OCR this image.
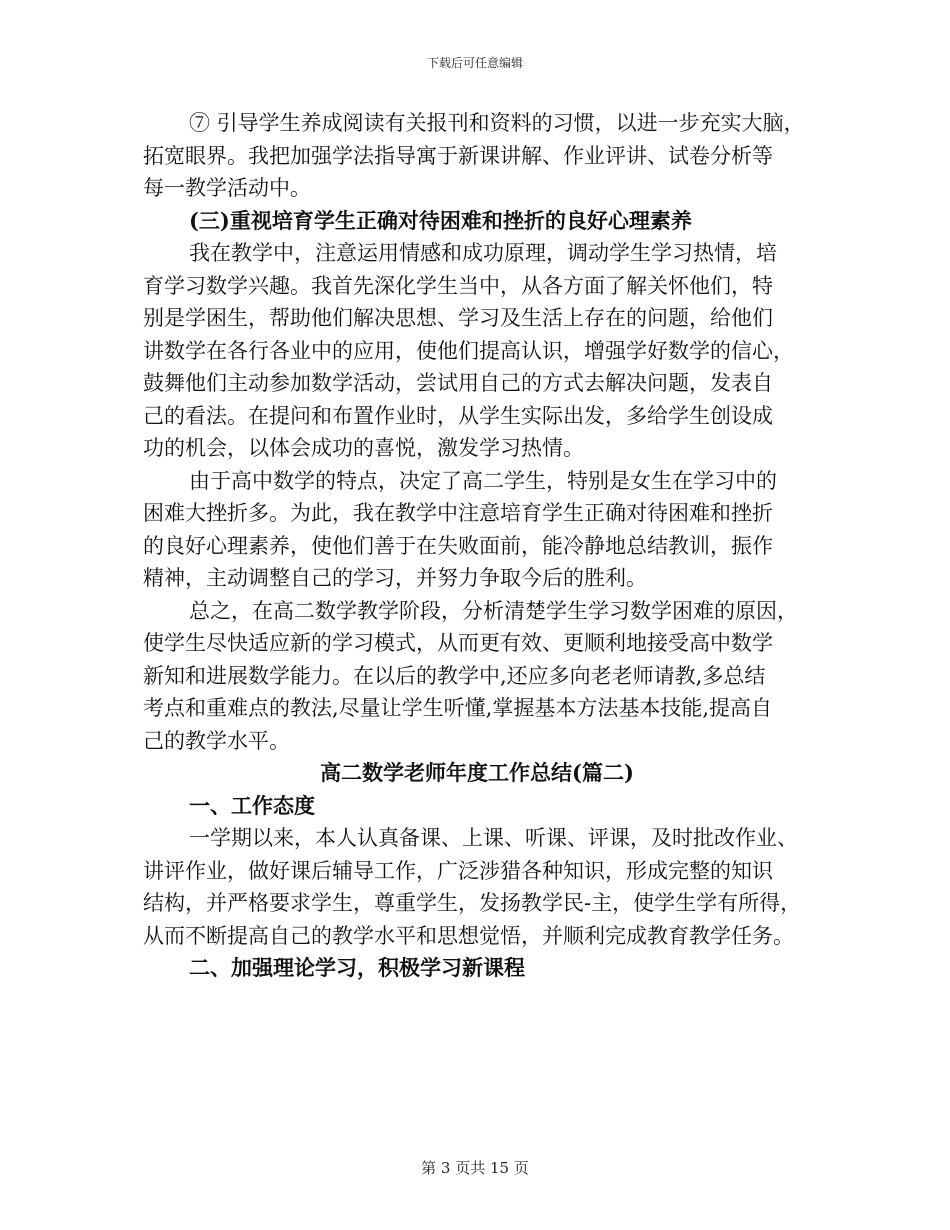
下载后可任意编辑
⑦ 引导学生养成阅读有关报刊和资料的习惯，以进一步充实大脑，
拓宽眼界。我把加强学法指导寓于新课讲解、作业评讲、试卷分析等
每一教学活动中。
(三)重视培育学生正确对待困难和挫折的良好心理素养
我在教学中，注意运用情感和成功原理，调动学生学习热情，培
育学习数学兴趣。我首先深化学生当中，从各方面了解关怀他们，特
别是学困生，帮助他们解决思想、学习及生活上存在的问题，给他们
讲数学在各行各业中的应用，使他们提高认识，增强学好数学的信心，
鼓舞他们主动参加数学活动，尝试用自己的方式去解决问题，发表自
己的看法。在提问和布置作业时，从学生实际出发，多给学生创设成
功的机会，以体会成功的喜悦，激发学习热情。
由于高中数学的特点，决定了高二学生，特别是女生在学习中的
困难大挫折多。为此，我在教学中注意培育学生正确对待困难和挫折
的良好心理素养，使他们善于在失败面前，能冷静地总结教训，振作
精神，主动调整自己的学习，并努力争取今后的胜利。
总之，在高二数学教学阶段，分析清楚学生学习数学困难的原因，
使学生尽快适应新的学习模式，从而更有效、更顺利地接受高中数学
新知和进展数学能力。在以后的教学中,还应多向老老师请教,多总结
考点和重难点的教法,尽量让学生听懂,掌握基本方法基本技能,提高自
己的教学水平。
高二数学老师年度工作总结(篇二)
一、工作态度
一学期以来，本人认真备课、上课、听课、评课，及时批改作业、
讲评作业，做好课后辅导工作，广泛涉猎各种知识，形成完整的知识
结构，并严格要求学生，尊重学生，发扬教学民-主，使学生学有所得，
从而不断提高自己的教学水平和思想觉悟，并顺利完成教育教学任务。
二、加强理论学习，积极学习新课程
第 3 页共 15 页
